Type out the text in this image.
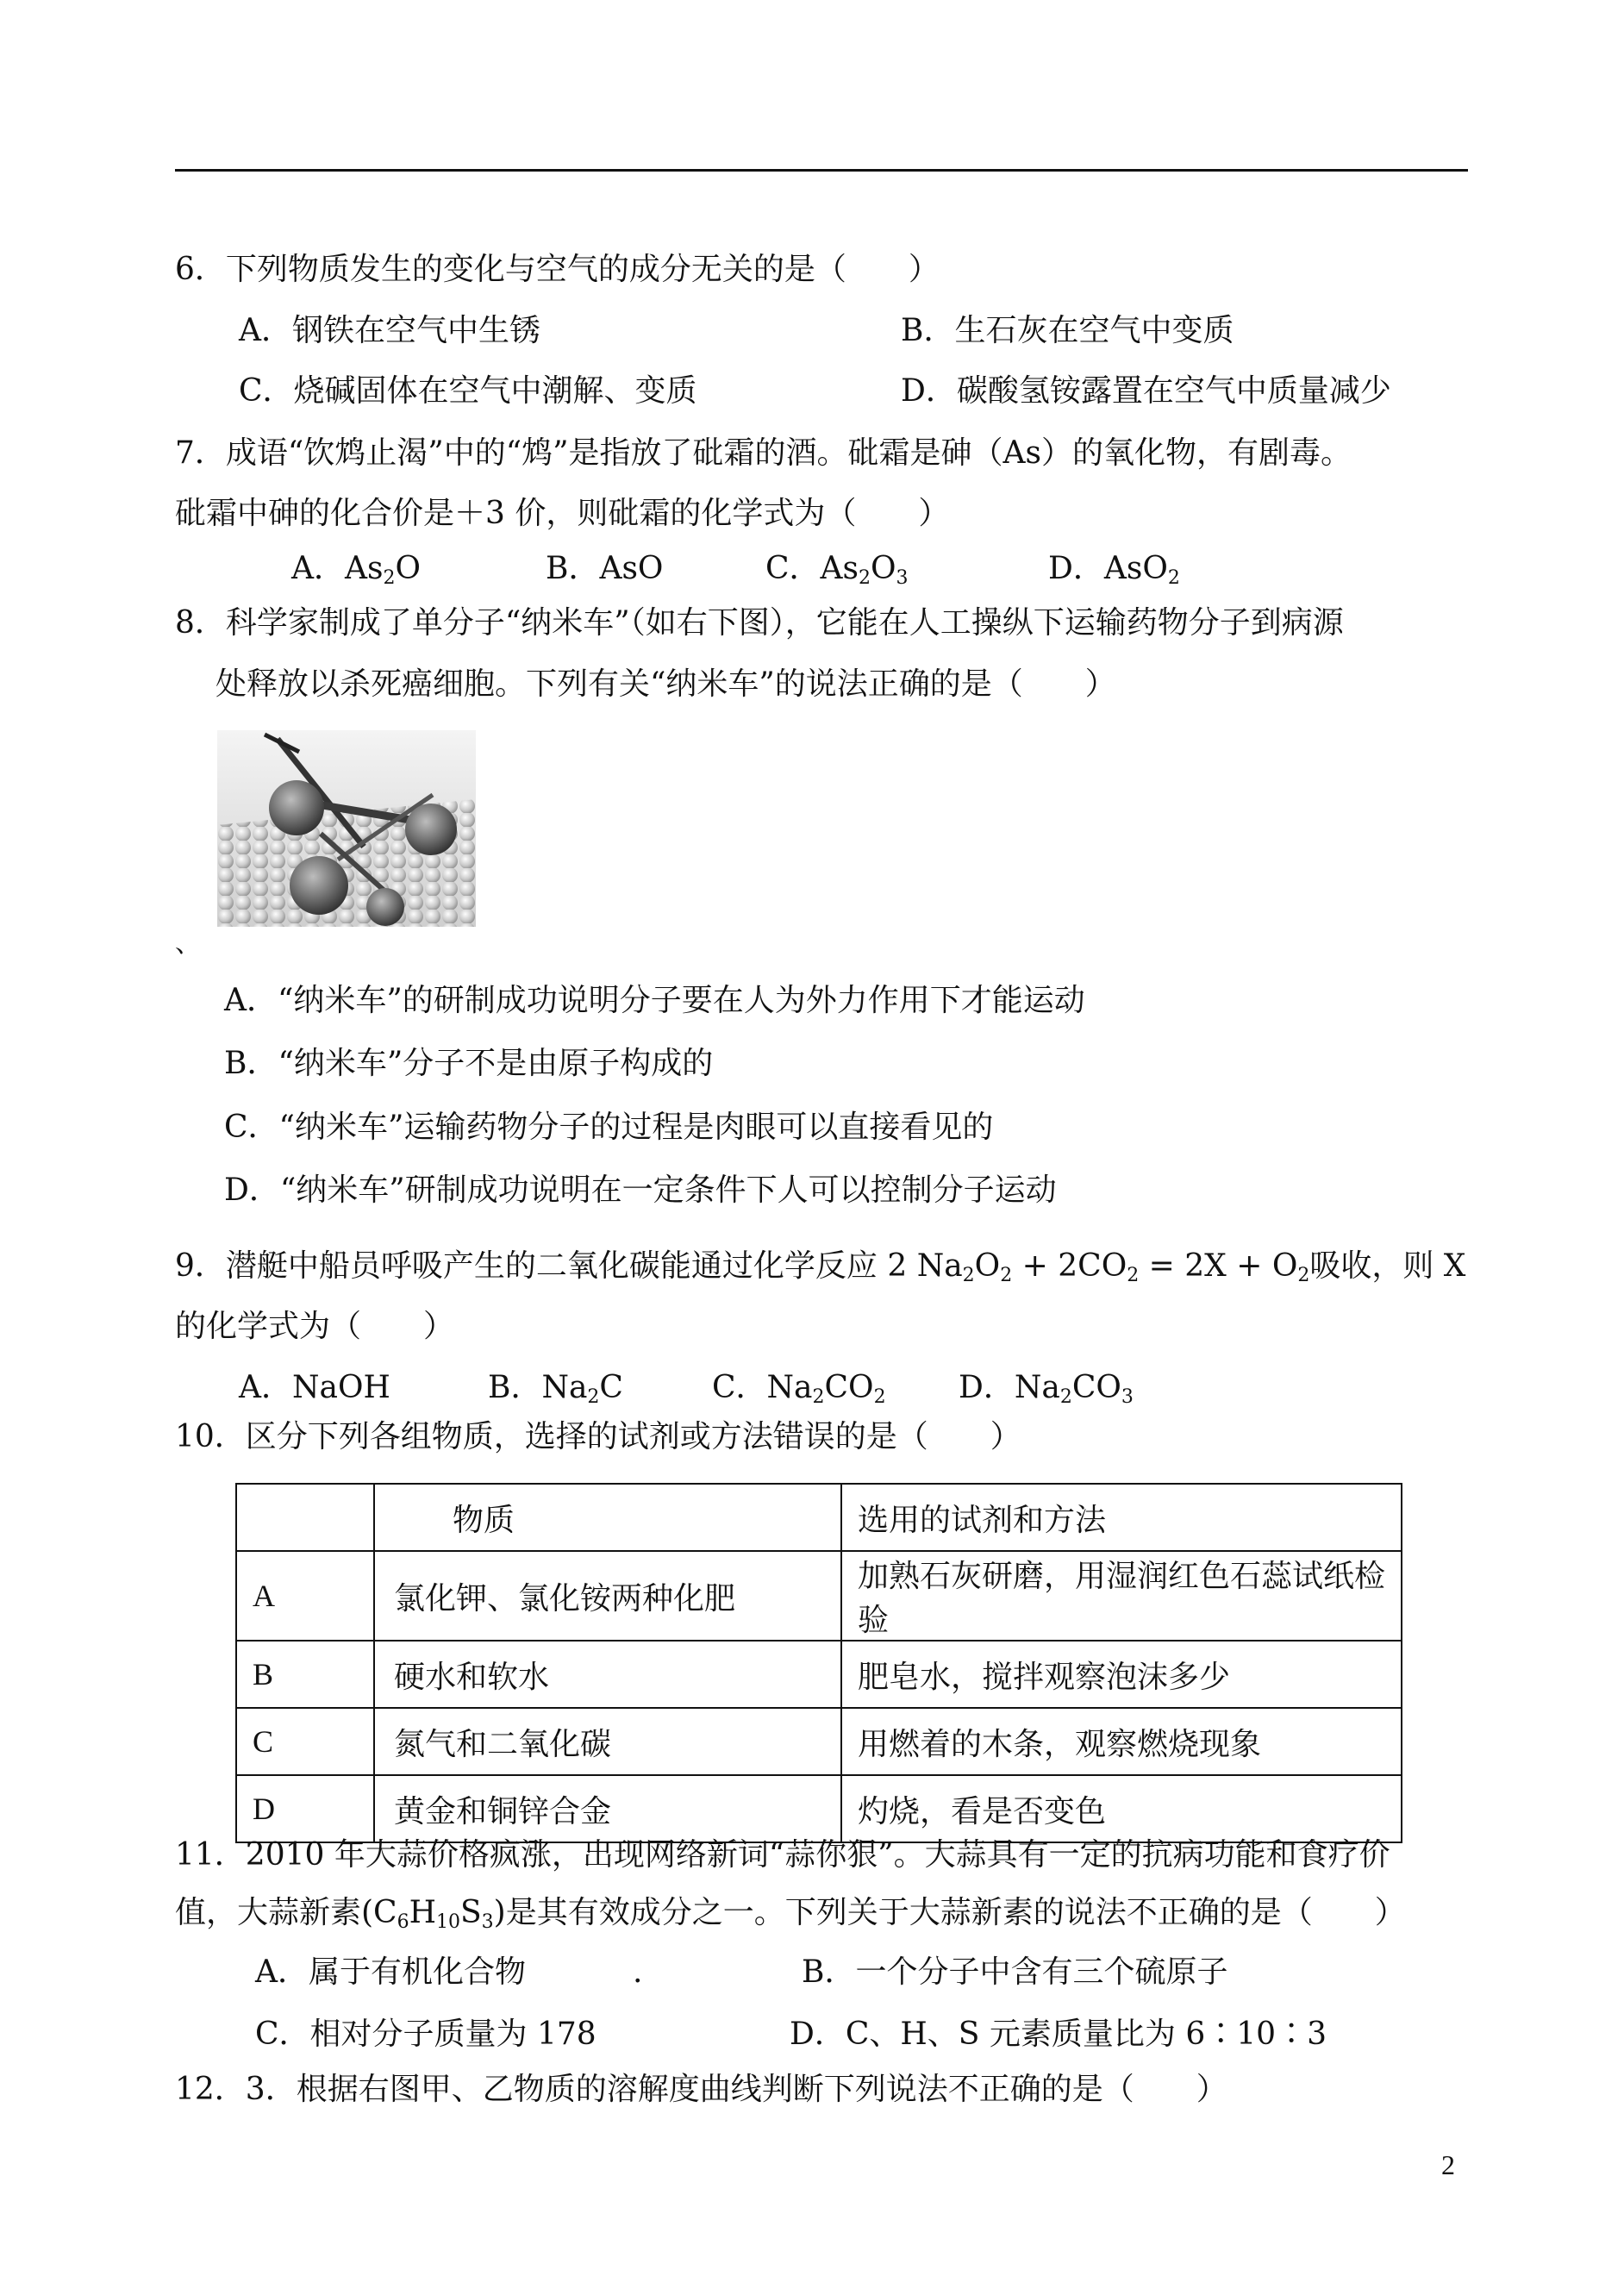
6．下列物质发生的变化与空气的成分无关的是（　　）
A．钢铁在空气中生锈	B．生石灰在空气中变质
C．烧碱固体在空气中潮解、变质	D．碳酸氢铵露置在空气中质量减少
7．成语“饮鸩止渴”中的“鸩”是指放了砒霜的酒。砒霜是砷（As）的氧化物，有剧毒。
砒霜中砷的化合价是＋3 价，则砒霜的化学式为（　　）
A．$As_2O$	B．AsO	C．$As_2O_3$	D．AsO$_2$
8．科学家制成了单分子“纳米车”（如右下图），它能在人工操纵下运输药物分子到病源
处释放以杀死癌细胞。下列有关“纳米车”的说法正确的是（　　）
、
A．“纳米车”的研制成功说明分子要在人为外力作用下才能运动
B．“纳米车”分子不是由原子构成的
C．“纳米车”运输药物分子的过程是肉眼可以直接看见的
D．“纳米车”研制成功说明在一定条件下人可以控制分子运动
9．潜艇中船员呼吸产生的二氧化碳能通过化学反应 2 $Na_2O_2 + 2CO_2 = 2X + O_2$吸收，则 X
的化学式为（　　）
A．NaOH	B．$Na_2C$	C．$Na_2CO_2$ D．$Na_2CO_3$
10．区分下列各组物质，选择的试剂或方法错误的是（　　）
	物质	选用的试剂和方法
A	氯化钾、氯化铵两种化肥	加熟石灰研磨，用湿润红色石蕊试纸检验
B	硬水和软水	肥皂水，搅拌观察泡沫多少
C	氮气和二氧化碳	用燃着的木条，观察燃烧现象
D	黄金和铜锌合金	灼烧，看是否变色
11．2010 年大蒜价格疯涨，出现网络新词“蒜你狠”。大蒜具有一定的抗病功能和食疗价
值，大蒜新素$(C_6H_{10}S_3)$是其有效成分之一。下列关于大蒜新素的说法不正确的是（　　）
A．属于有机化合物	.	B．一个分子中含有三个硫原子
C．相对分子质量为 178	D．C、H、S 元素质量比为 6∶10∶3
12．3．根据右图甲、乙物质的溶解度曲线判断下列说法不正确的是（　　）
2
